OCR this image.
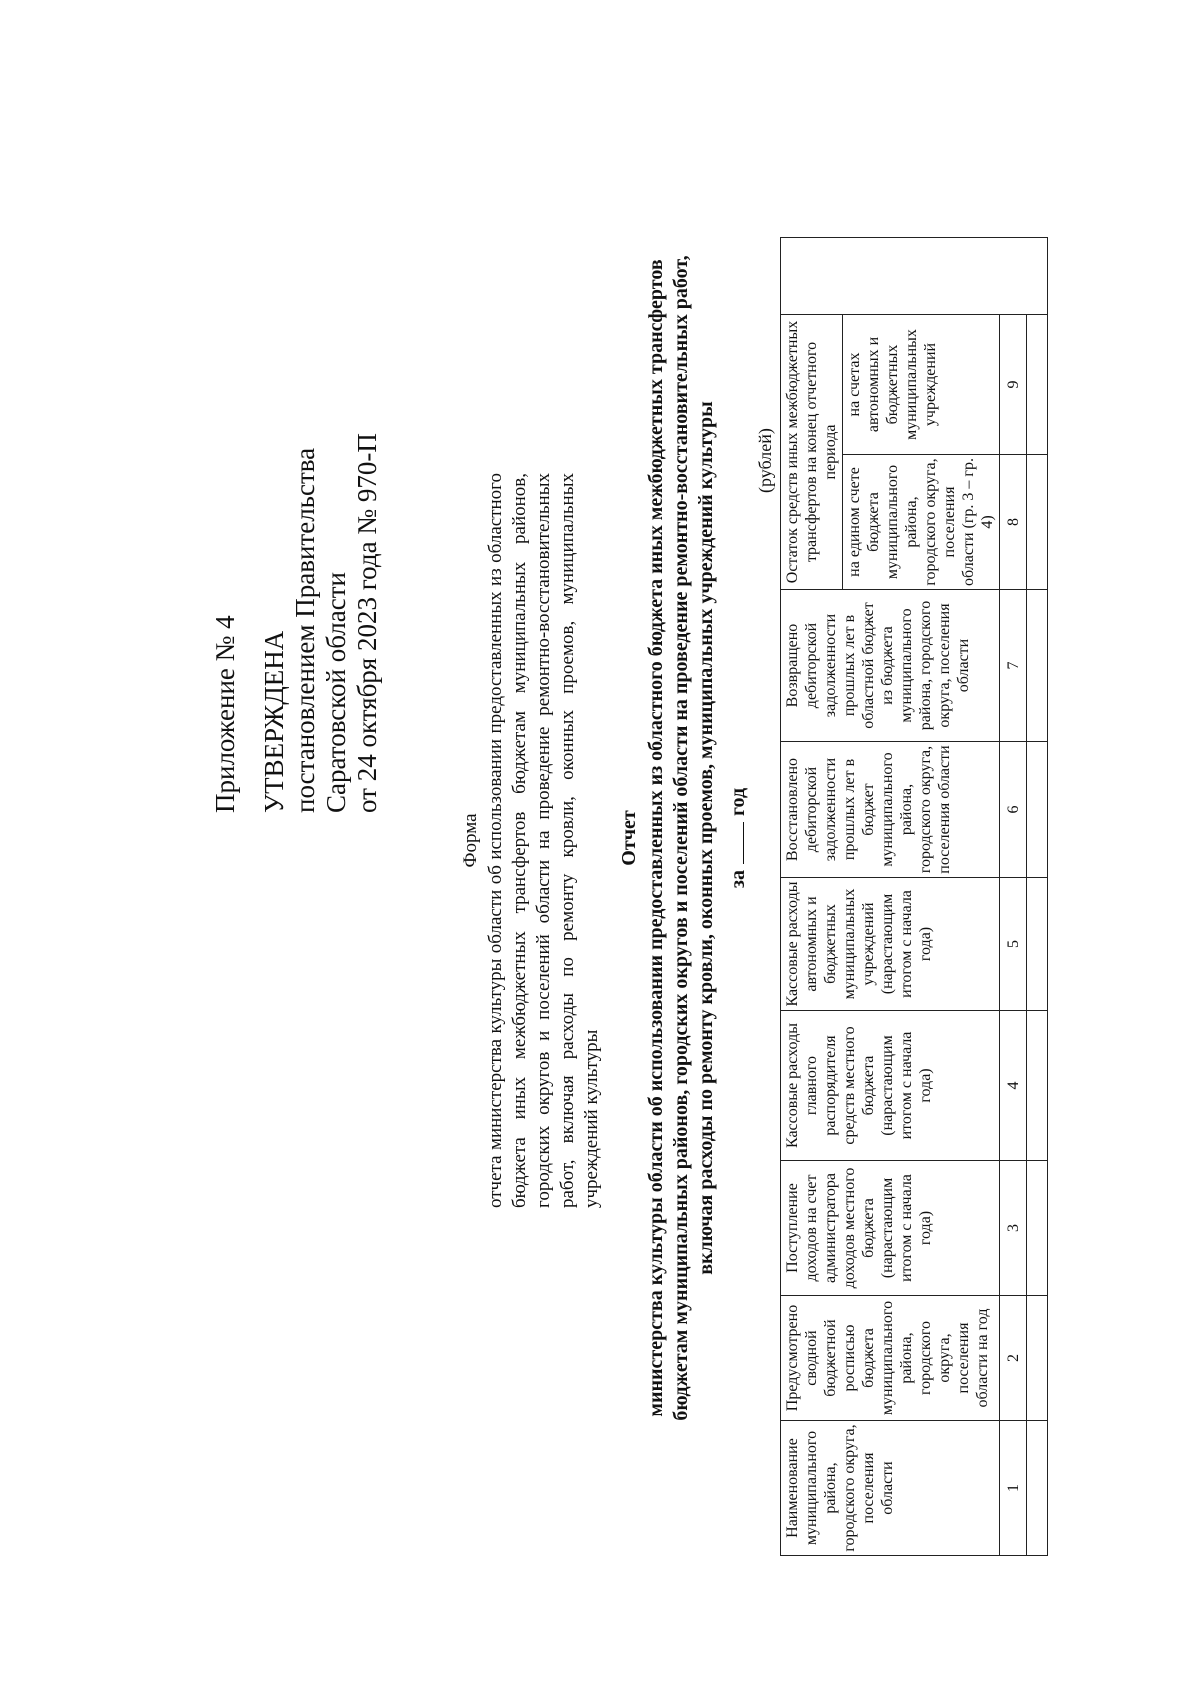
Приложение № 4 УТВЕРЖДЕНА постановлением Правительства Саратовской области от 24 октября 2023 года № 970-П
Форма отчета министерства культуры области об использовании предоставленных из областного бюджета иных межбюджетных трансфертов бюджетам муниципальных районов, городских округов и поселений области на проведение ремонтно-восстановительных работ, включая расходы по ремонту кровли, оконных проемов, муниципальных учреждений культуры
Отчет министерства культуры области об использовании предоставленных из областного бюджета иных межбюджетных трансфертов бюджетам муниципальных районов, городских округов и поселений области на проведение ремонтно-восстановительных работ, включая расходы по ремонту кровли, оконных проемов, муниципальных учреждений культуры загод
(рублей)
Наименование муниципального района, городского округа, поселения области	Предусмотрено сводной бюджетной росписью бюджета муниципального района, городского округа, поселения области на год	Поступление доходов на счет администратора доходов местного бюджета (нарастающим итогом с начала года)	Кассовые расходы главного распорядителя средств местного бюджета (нарастающим итогом с начала года)	Кассовые расходы автономных и бюджетных муниципальных учреждений (нарастающим итогом с начала года)	Восстановлено дебиторской задолженности прошлых лет в бюджет муниципального района, городского округа, поселения области	Возвращено дебиторской задолженности прошлых лет в областной бюджет из бюджета муниципального района, городского округа, поселения области	Остаток средств иных межбюджетных трансфертов на конец отчетного периода		
							на едином счете бюджета муниципального района, городского округа, поселения области (гр. 3 – гр. 4)	на счетах автономных и бюджетных муниципальных учреждений	
1	2	3	4	5	6	7	8	9	
